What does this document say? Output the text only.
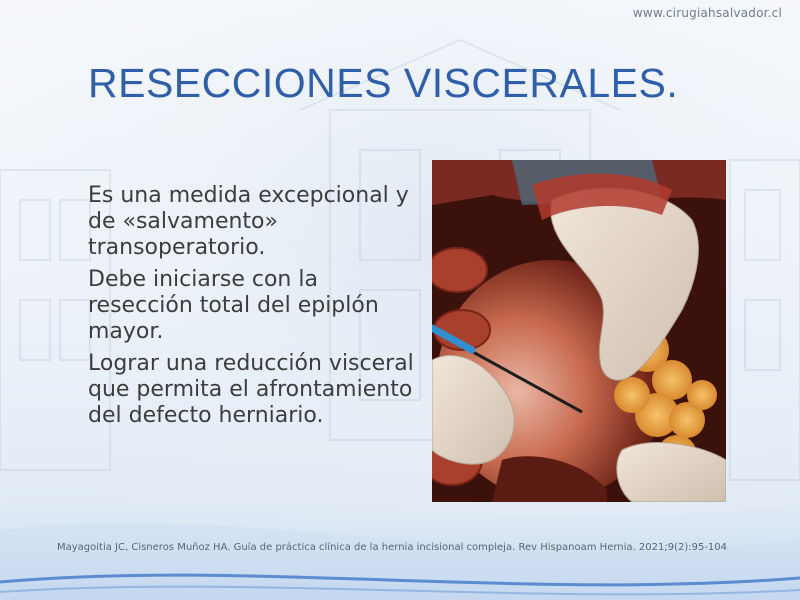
www.cirugiahsalvador.cl
RESECCIONES VISCERALES.
Es una medida excepcional y de «salvamento» transoperatorio.
Debe iniciarse con la resección total del epiplón mayor.
Lograr una reducción visceral que permita el afrontamiento del defecto herniario.
Mayagoitia JC, Cisneros Muñoz HA. Guía de práctica clínica de la hernia incisional compleja. Rev Hispanoam Hernia. 2021;9(2):95-104
